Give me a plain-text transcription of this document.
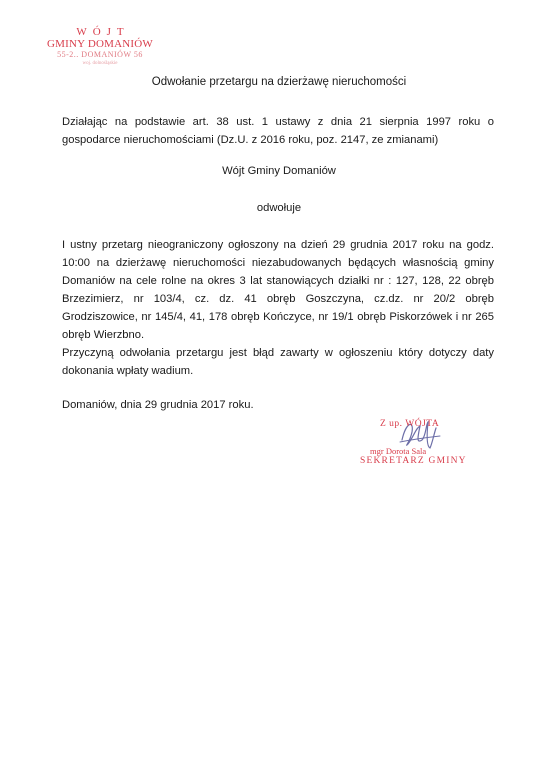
WÓJT
GMINY DOMANIÓW
55-2.. DOMANIÓW 56
woj. dolnośląskie
Odwołanie przetargu na dzierżawę nieruchomości
Działając na podstawie art. 38 ust. 1 ustawy z dnia 21 sierpnia 1997 roku o gospodarce nieruchomościami (Dz.U. z 2016 roku, poz. 2147, ze zmianami)
Wójt Gminy Domaniów
odwołuje

I ustny przetarg nieograniczony ogłoszony na dzień 29 grudnia 2017 roku na godz. 10:00 na dzierżawę nieruchomości niezabudowanych będących własnością gminy Domaniów na cele rolne na okres 3 lat stanowiących działki nr : 127, 128, 22 obręb Brzezimierz, nr 103/4, cz. dz. 41 obręb Goszczyna, cz.dz. nr 20/2 obręb Grodziszowice, nr 145/4, 41, 178 obręb Kończyce, nr 19/1 obręb Piskorzówek i nr 265 obręb Wierzbno.

Przyczyną odwołania przetargu jest błąd zawarty w ogłoszeniu który dotyczy daty dokonania wpłaty wadium.

Domaniów, dnia 29 grudnia 2017 roku.
Z up. WÓJTA
mgr Dorota Sala
SEKRETARZ GMINY
